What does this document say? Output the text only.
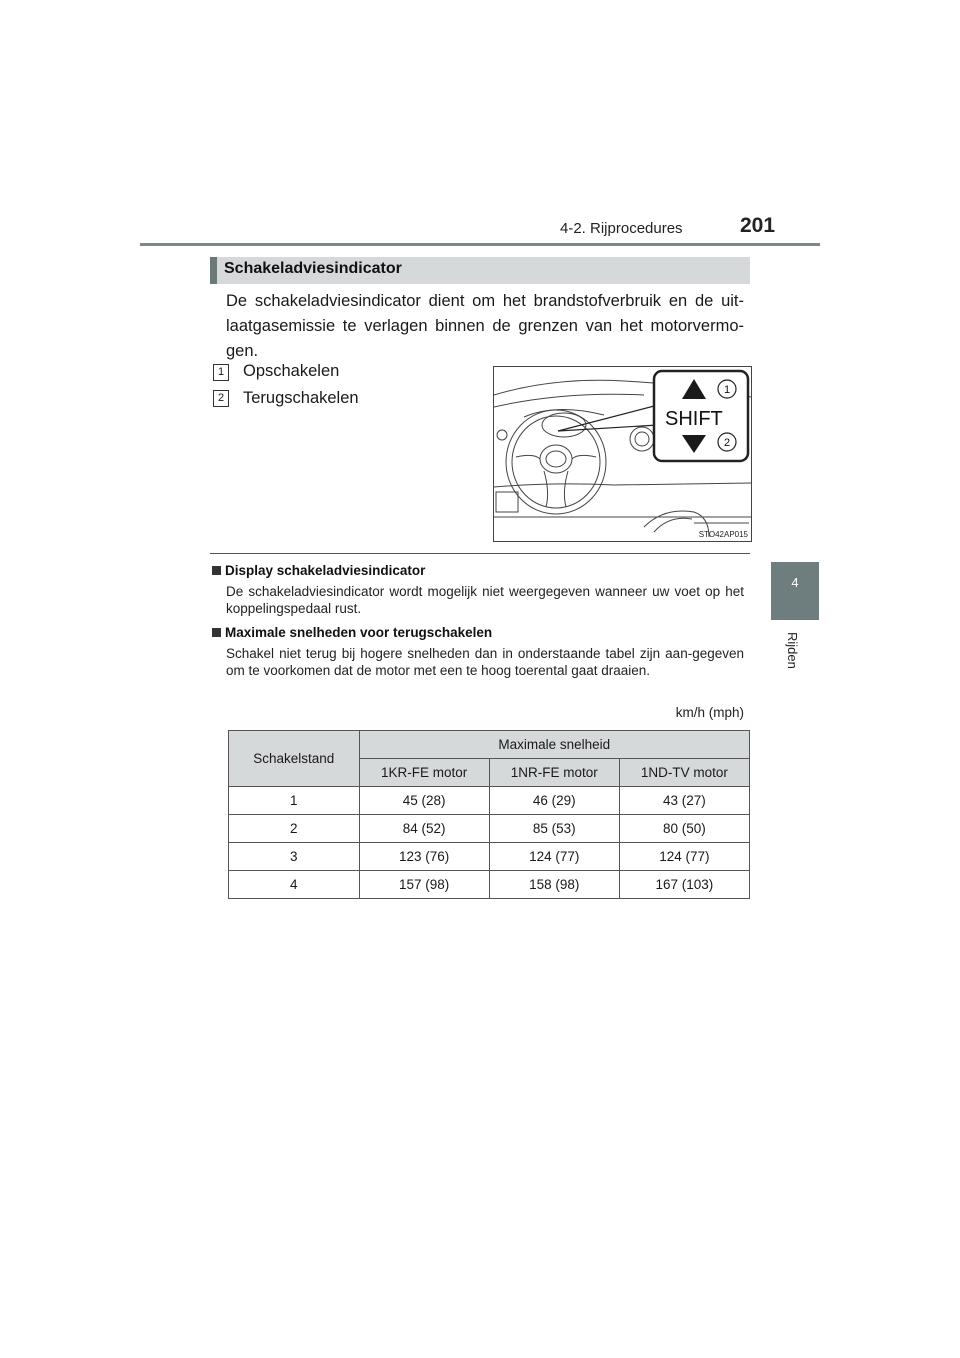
4-2. Rijprocedures	201
4
Rijden
Schakeladviesindicator
De schakeladviesindicator dient om het brandstofverbruik en de uit-laatgasemissie te verlagen binnen de grenzen van het motorvermo-gen.
1 Opschakelen
2 Terugschakelen
SHIFT
1
2
STO42AP015
Display schakeladviesindicator
De schakeladviesindicator wordt mogelijk niet weergegeven wanneer uw voet op het koppelingspedaal rust.
Maximale snelheden voor terugschakelen
Schakel niet terug bij hogere snelheden dan in onderstaande tabel zijn aan-gegeven om te voorkomen dat de motor met een te hoog toerental gaat draaien.
km/h (mph)
Schakelstand	Maximale snelheid		
	1KR-FE motor	1NR-FE motor	1ND-TV motor
1	45 (28)	46 (29)	43 (27)
2	84 (52)	85 (53)	80 (50)
3	123 (76)	124 (77)	124 (77)
4	157 (98)	158 (98)	167 (103)
